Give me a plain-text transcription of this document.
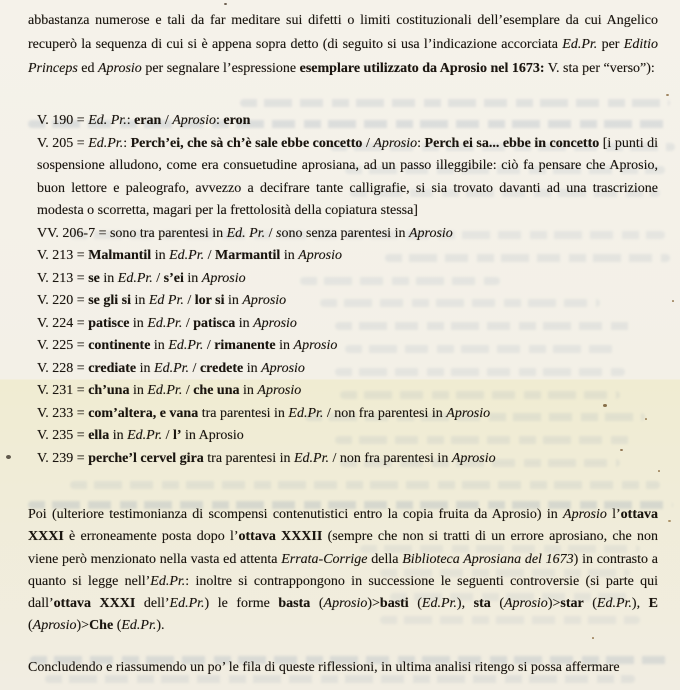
abbastanza numerose e tali da far meditare sui difetti o limiti costituzionali dell’esemplare da cui Angelico recuperò la sequenza di cui si è appena sopra detto (di seguito si usa l’indicazione accorciata Ed.Pr. per Editio Princeps ed Aprosio per segnalare l’espressione esemplare utilizzato da Aprosio nel 1673: V. sta per “verso”):

V. 190 = Ed. Pr.: eran / Aprosio: eron

V. 205 = Ed.Pr.: Perch’ei, che sà ch’è sale ebbe concetto / Aprosio: Perch ei sa... ebbe in concetto [i punti di sospensione alludono, come era consuetudine aprosiana, ad un passo illeggibile: ciò fa pensare che Aprosio, buon lettore e paleografo, avvezzo a decifrare tante calligrafie, si sia trovato davanti ad una trascrizione modesta o scorretta, magari per la frettolosità della copiatura stessa]

VV. 206-7 = sono tra parentesi in Ed. Pr. / sono senza parentesi in Aprosio

V. 213 = Malmantil in Ed.Pr. / Marmantil in Aprosio

V. 213 = se in Ed.Pr. / s’ei in Aprosio

V. 220 = se gli si in Ed Pr. / lor si in Aprosio

V. 224 = patisce in Ed.Pr. / patisca in Aprosio

V. 225 = continente in Ed.Pr. / rimanente in Aprosio

V. 228 = crediate in Ed.Pr. / credete in Aprosio

V. 231 = ch’una in Ed.Pr. / che una in Aprosio

V. 233 = com’altera, e vana tra parentesi in Ed.Pr. / non fra parentesi in Aprosio

V. 235 = ella in Ed.Pr. / l’ in Aprosio

V. 239 = perche’l cervel gira tra parentesi in Ed.Pr. / non fra parentesi in Aprosio

Poi (ulteriore testimonianza di scompensi contenutistici entro la copia fruita da Aprosio) in Aprosio l’ottava XXXI è erroneamente posta dopo l’ottava XXXII (sempre che non si tratti di un errore aprosiano, che non viene però menzionato nella vasta ed attenta Errata-Corrige della Biblioteca Aprosiana del 1673) in contrasto a quanto si legge nell’Ed.Pr.: inoltre si contrappongono in successione le seguenti controversie (si parte qui dall’ottava XXXI dell’Ed.Pr.) le forme basta (Aprosio)>basti (Ed.Pr.), sta (Aprosio)>star (Ed.Pr.), E (Aprosio)>Che (Ed.Pr.).

Concludendo e riassumendo un po’ le fila di queste riflessioni, in ultima analisi ritengo si possa affermare
